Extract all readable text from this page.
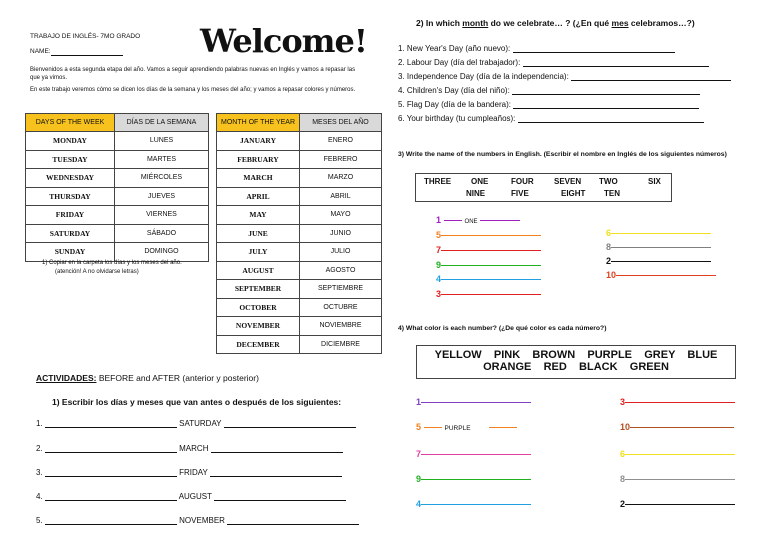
TRABAJO DE INGLÉS- 7MO GRADO
NAME:	Welcome!
Bienvenidos a esta segunda etapa del año. Vamos a seguir aprendiendo palabras nuevas en Inglés y vamos a repasar las que ya vimos.
En este trabajo veremos cómo se dicen los días de la semana y los meses del año; y vamos a repasar colores y números.
DAYS OF THE WEEK	DÍAS DE LA SEMANA
MONDAY	LUNES
TUESDAY	MARTES
WEDNESDAY	MIÉRCOLES
THURSDAY	JUEVES
FRIDAY	VIERNES
SATURDAY	SÁBADO
SUNDAY	DOMINGO
1) Copiar en la carpeta los días y los meses del año.
(atención! A no olvidarse letras)
MONTH OF THE YEAR	MESES DEL AÑO
JANUARY	ENERO
FEBRUARY	FEBRERO
MARCH	MARZO
APRIL	ABRIL
MAY	MAYO
JUNE	JUNIO
JULY	JULIO
AUGUST	AGOSTO
SEPTEMBER	SEPTIEMBRE
OCTOBER	OCTUBRE
NOVEMBER	NOVIEMBRE
DECEMBER	DICIEMBRE
ACTIVIDADES: BEFORE and AFTER (anterior y posterior)
1) Escribir los días y meses que van antes o después de los siguientes:
1.	SATURDAY
2.	MARCH
3.	FRIDAY
4.	AUGUST
5.	NOVEMBER
2) In which month do we celebrate… ? (¿En qué mes celebramos…?)
1. New Year's Day (año nuevo):
2. Labour Day (día del trabajador):
3. Independence Day (día de la independencia):
4. Children's Day (día del niño):
5. Flag Day (día de la bandera):
6. Your birthday (tu cumpleaños):
3) Write the name of the numbers in English. (Escribir el nombre en Inglés de los siguientes números)
THREE ONE	FOUR	SEVEN TWO	SIX
NINE	FIVE	EIGHT TEN
1	ONE
5
7
9
4
3
6
8
2
10
4) What color is each number? (¿De qué color es cada número?)
YELLOW    PINK    BROWN    PURPLE    GREY    BLUE
ORANGE    RED    BLACK    GREEN
1
5	PURPLE
7
9
4
3
10
6
8
2
